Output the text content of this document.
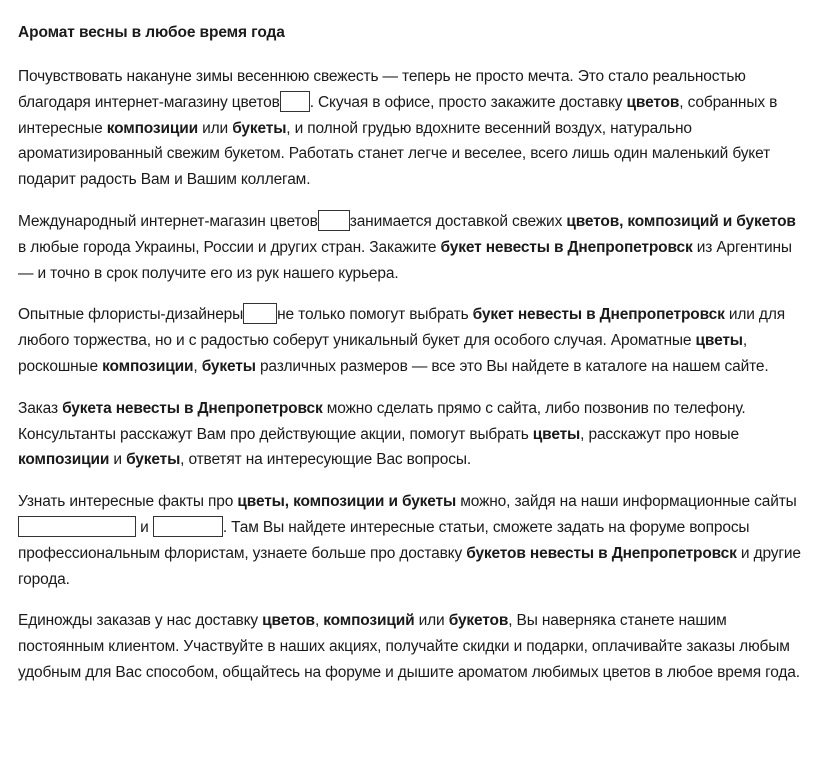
Аромат весны в любое время года

Почувствовать накануне зимы весеннюю свежесть — теперь не просто мечта. Это стало реальностью благодаря интернет-магазину цветов . Скучая в офисе, просто закажите доставку цветов, собранных в интересные композиции или букеты, и полной грудью вдохните весенний воздух, натурально ароматизированный свежим букетом. Работать станет легче и веселее, всего лишь один маленький букет подарит радость Вам и Вашим коллегам.

Международный интернет-магазин цветов занимается доставкой свежих цветов, композиций и букетов в любые города Украины, России и других стран. Закажите букет невесты в Днепропетровск из Аргентины — и точно в срок получите его из рук нашего курьера.

Опытные флористы-дизайнеры не только помогут выбрать букет невесты в Днепропетровск или для любого торжества, но и с радостью соберут уникальный букет для особого случая. Ароматные цветы, роскошные композиции, букеты различных размеров — все это Вы найдете в каталоге на нашем сайте.

Заказ букета невесты в Днепропетровск можно сделать прямо с сайта, либо позвонив по телефону. Консультанты расскажут Вам про действующие акции, помогут выбрать цветы, расскажут про новые композиции и букеты, ответят на интересующие Вас вопросы.

Узнать интересные факты про цветы, композиции и букеты можно, зайдя на наши информационные сайты и	. Там Вы найдете интересные статьи, сможете задать на форуме вопросы профессиональным флористам, узнаете больше про доставку букетов невесты в Днепропетровск и другие города.

Единожды заказав у нас доставку цветов, композиций или букетов, Вы наверняка станете нашим постоянным клиентом. Участвуйте в наших акциях, получайте скидки и подарки, оплачивайте заказы любым удобным для Вас способом, общайтесь на форуме и дышите ароматом любимых цветов в любое время года.
